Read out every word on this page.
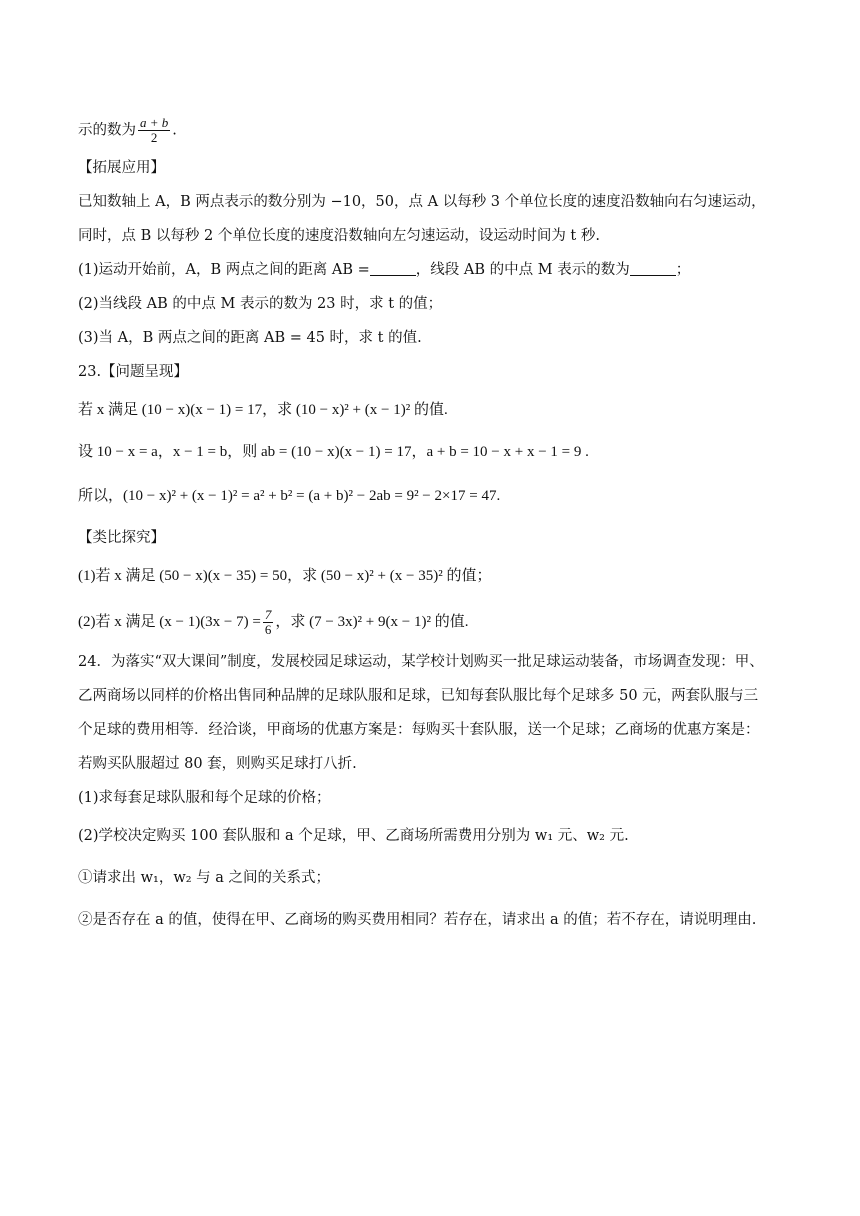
示的数为 $\frac{a + b}{2}$ .
【拓展应用】
已知数轴上 A，B 两点表示的数分别为 −10，50，点 A 以每秒 3 个单位长度的速度沿数轴向右匀速运动，
同时，点 B 以每秒 2 个单位长度的速度沿数轴向左匀速运动，设运动时间为 t 秒.
(1)运动开始前，A，B 两点之间的距离 AB =	，线段 AB 的中点 M 表示的数为	；
(2)当线段 AB 的中点 M 表示的数为 23 时，求 t 的值；
(3)当 A，B 两点之间的距离 AB = 45 时，求 t 的值.
23.【问题呈现】
若 x 满足 (10 − x)(x − 1) = 17，求 (10 − x)² + (x − 1)² 的值.
设 10 − x = a，x − 1 = b，则 ab = (10 − x)(x − 1) = 17，a + b = 10 − x + x − 1 = 9 .
所以，(10 − x)² + (x − 1)² = a² + b² = (a + b)² − 2ab = 9² − 2×17 = 47.
【类比探究】
(1)若 x 满足 (50 − x)(x − 35) = 50，求 (50 − x)² + (x − 35)² 的值；
(2)若 x 满足 $(x - 1)(3x - 7) = \frac{7}{6}$ ，求 (7 − 3x)² + 9(x − 1)² 的值.
24．为落实“双大课间”制度，发展校园足球运动，某学校计划购买一批足球运动装备，市场调查发现：甲、
乙两商场以同样的价格出售同种品牌的足球队服和足球，已知每套队服比每个足球多 50 元，两套队服与三
个足球的费用相等．经洽谈，甲商场的优惠方案是：每购买十套队服，送一个足球；乙商场的优惠方案是：
若购买队服超过 80 套，则购买足球打八折.
(1)求每套足球队服和每个足球的价格；
(2)学校决定购买 100 套队服和 a 个足球，甲、乙商场所需费用分别为 w₁ 元、w₂ 元.
①请求出 w₁，w₂ 与 a 之间的关系式；
②是否存在 a 的值，使得在甲、乙商场的购买费用相同？若存在，请求出 a 的值；若不存在，请说明理由.
